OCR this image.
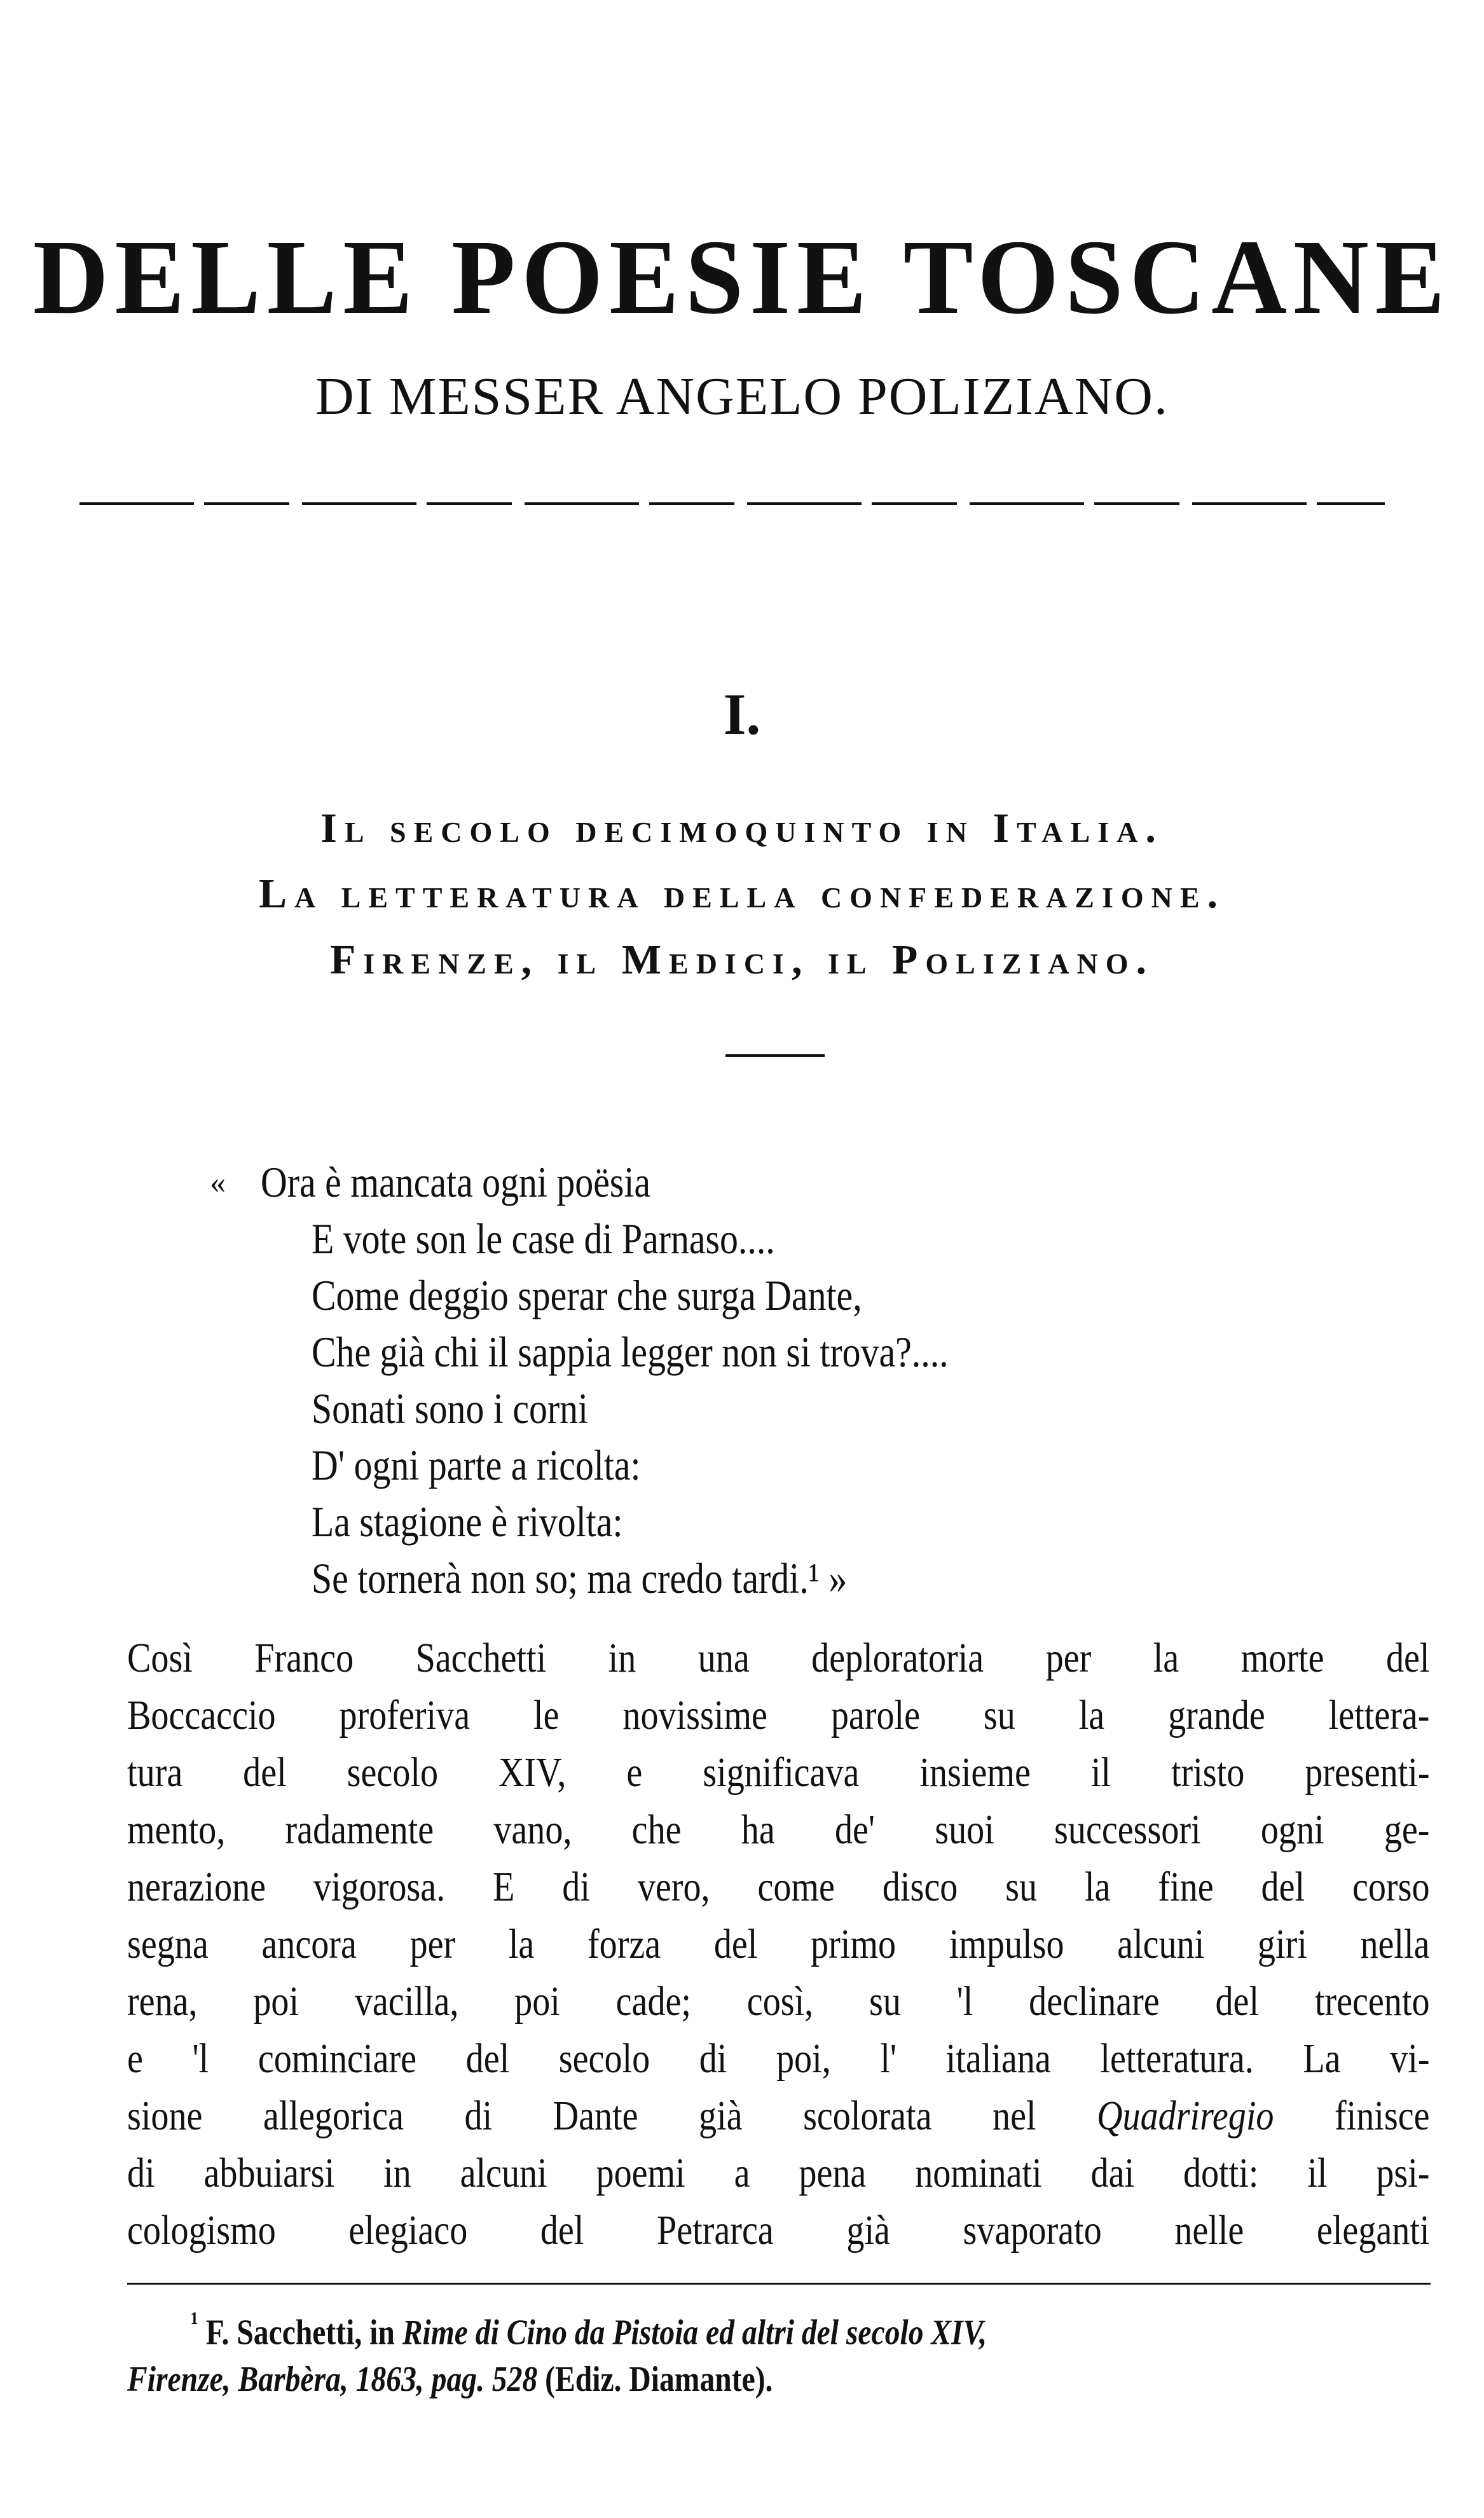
DELLE POESIE TOSCANE
DI MESSER ANGELO POLIZIANO.
I.
Il secolo decimoquinto in Italia.
La letteratura della confederazione.
Firenze, il Medici, il Poliziano.
« Ora è mancata ogni poësia
E vote son le case di Parnaso....
Come deggio sperar che surga Dante,
Che già chi il sappia legger non si trova?....
Sonati sono i corni
D' ogni parte a ricolta:
La stagione è rivolta:
Se tornerà non so; ma credo tardi.¹ »
Così Franco Sacchetti in una deploratoria per la morte del
Boccaccio proferiva le novissime parole su la grande lettera-
tura del secolo XIV, e significava insieme il tristo presenti-
mento, radamente vano, che ha de' suoi successori ogni ge-
nerazione vigorosa. E di vero, come disco su la fine del corso
segna ancora per la forza del primo impulso alcuni giri nella
rena, poi vacilla, poi cade; così, su 'l declinare del trecento
e 'l cominciare del secolo di poi, l' italiana letteratura. La vi-
sione allegorica di Dante già scolorata nel Quadriregio finisce
di abbuiarsi in alcuni poemi a pena nominati dai dotti: il psi-
cologismo elegiaco del Petrarca già svaporato nelle eleganti
$^{^1}$ F. Sacchetti, in Rime di Cino da Pistoia ed altri del secolo XIV,
Firenze, Barbèra, 1863, pag. 528 (Ediz. Diamante).
